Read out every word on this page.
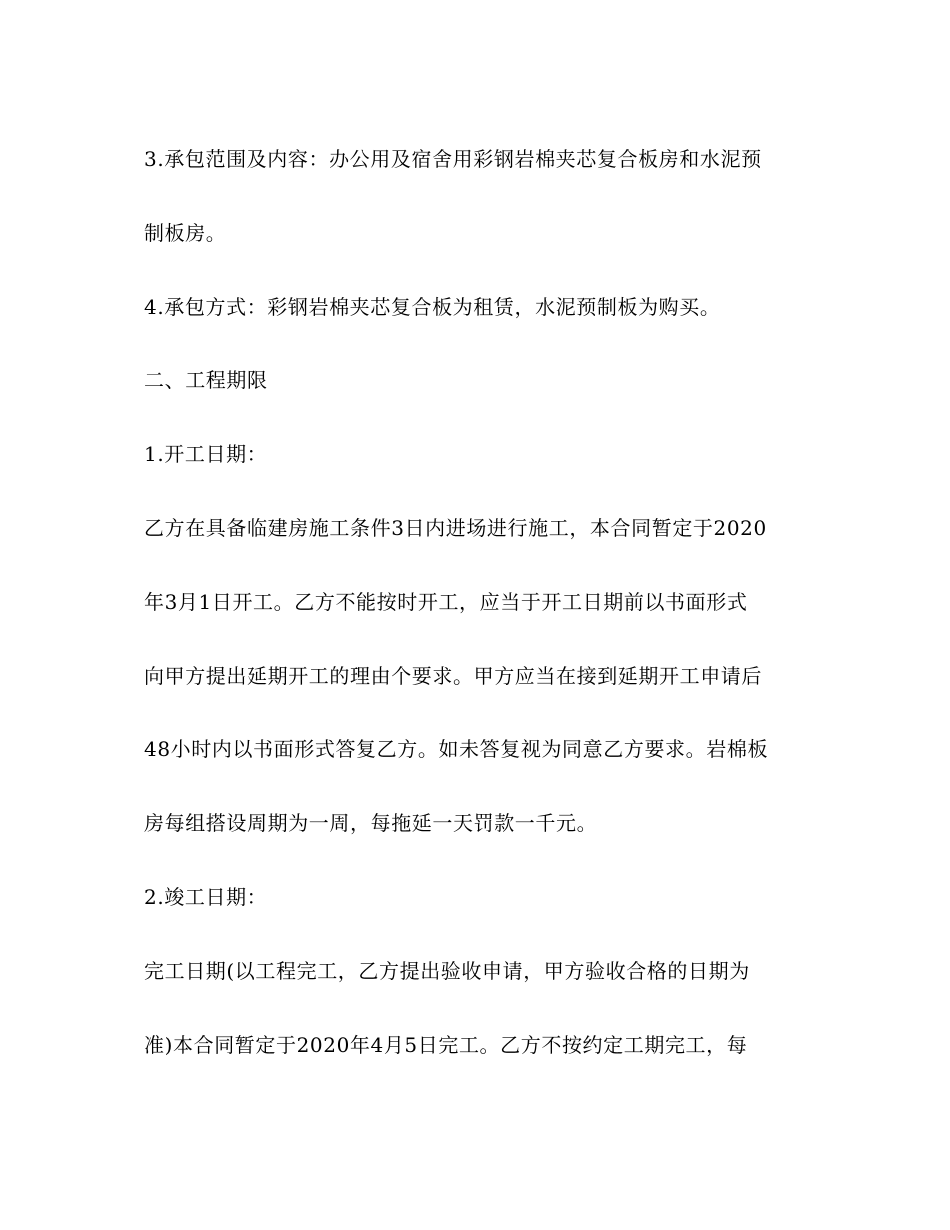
3.承包范围及内容：办公用及宿舍用彩钢岩棉夹芯复合板房和水泥预
制板房。
4.承包方式：彩钢岩棉夹芯复合板为租赁，水泥预制板为购买。
二、工程期限
1.开工日期：
乙方在具备临建房施工条件3日内进场进行施工，本合同暂定于2020
年3月1日开工。乙方不能按时开工，应当于开工日期前以书面形式
向甲方提出延期开工的理由个要求。甲方应当在接到延期开工申请后
48小时内以书面形式答复乙方。如未答复视为同意乙方要求。岩棉板
房每组搭设周期为一周，每拖延一天罚款一千元。
2.竣工日期：
完工日期(以工程完工，乙方提出验收申请，甲方验收合格的日期为
准)本合同暂定于2020年4月5日完工。乙方不按约定工期完工，每
